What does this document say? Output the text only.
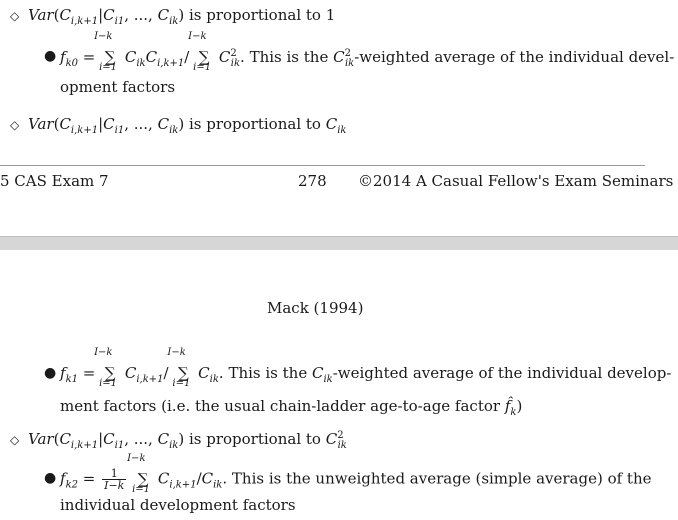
◇ $Var(C_{i,k+1}|C_{i1}$, ..., $C_{ik}$) is proportional to 1
● $f_{k0}$ =
I−k
∑
i=1
$C_{ik}C_{i,k+1}/$
I−k
∑
i=1
$C^2_{ik}$. This is the $C^2_{ik}$-weighted average of the individual devel-
opment factors
◇ $Var(C_{i,k+1}|C_{i1}$, ..., $C_{ik}$) is proportional to $C_{ik}$
5 CAS Exam 7	278 ©2014 A Casual Fellow's Exam Seminars
Mack (1994)
● $f_{k1}$ =
I−k
∑
i=1
$C_{i,k+1}/$
I−k
∑
i=1
$C_{ik}$. This is the $C_{ik}$-weighted average of the individual develop-
ment factors (i.e. the usual chain-ladder age-to-age factor $f̂_k$)
◇ $Var(C_{i,k+1}|C_{i1}$, ..., $C_{ik}$) is proportional to $C^2_{ik}$
● $f_{k2} = \frac{1}{I-k}$

I−k
∑
i=1
$C_{i,k+1}/C_{ik}$. This is the unweighted average (simple average) of the
individual development factors
